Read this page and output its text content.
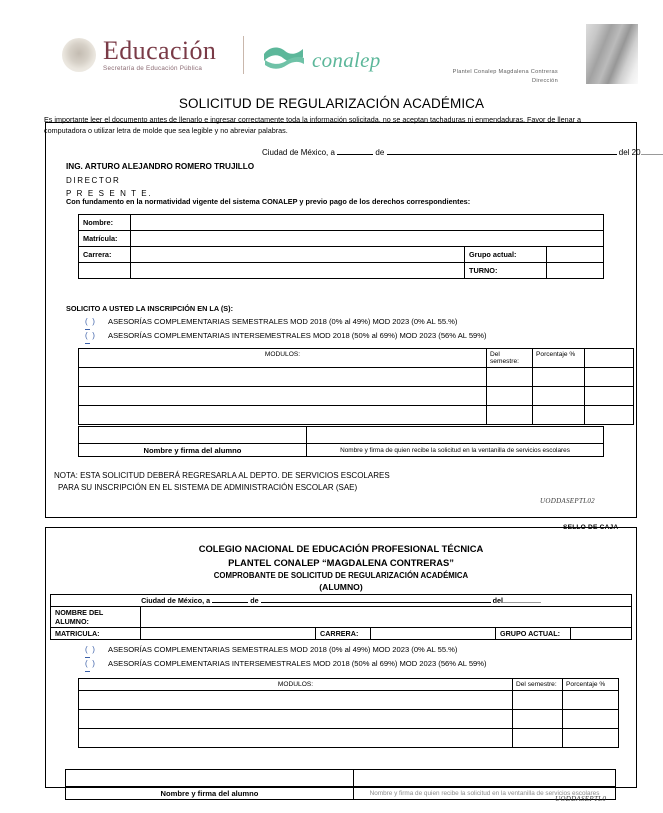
Educación
Secretaría de Educación Pública	conalep	Plantel Conalep Magdalena Contreras
Dirección
SOLICITUD DE REGULARIZACIÓN ACADÉMICA
Es importante leer el documento antes de llenarlo e ingresar correctamente toda la información solicitada, no se aceptan tachaduras ni enmendaduras. Favor de llenar a computadora o utilizar letra de molde que sea legible y no abreviar palabras.
Ciudad de México, a	de	del 20
ING. ARTURO ALEJANDRO ROMERO TRUJILLO
DIRECTOR
P R E S E N T E.
Con fundamento en la normatividad vigente del sistema CONALEP y previo pago de los derechos correspondientes:
Nombre:			
Matrícula:			
Carrera:		Grupo actual:	
		TURNO:	
SOLICITO A USTED LA INSCRIPCIÓN EN LA (S):
( ) ASESORÍAS COMPLEMENTARIAS SEMESTRALES MOD 2018 (0% al 49%) MOD 2023 (0% AL 55.%)
( ) ASESORÍAS COMPLEMENTARIAS INTERSEMESTRALES MOD 2018 (50% al 69%) MOD 2023 (56% AL 59%)
MODULOS:	Del semestre:	Porcentaje %	

Nombre y firma del alumno	Nombre y firma de quien recibe la solicitud en la ventanilla de servicios escolares
NOTA: ESTA SOLICITUD DEBERÁ REGRESARLA AL DEPTO. DE SERVICIOS ESCOLARES
PARA SU INSCRIPCIÓN EN EL SISTEMA DE ADMINISTRACIÓN ESCOLAR (SAE)
UODDASEPTL02
SELLO DE CAJA
COLEGIO NACIONAL DE EDUCACIÓN PROFESIONAL TÉCNICA
PLANTEL CONALEP “MAGDALENA CONTRERAS”
COMPROBANTE DE SOLICITUD DE REGULARIZACIÓN ACADÉMICA
(ALUMNO)
Ciudad de México, a de del					
NOMBRE DEL ALUMNO:					
MATRICULA:		CARRERA:		GRUPO ACTUAL:	
( ) ASESORÍAS COMPLEMENTARIAS SEMESTRALES MOD 2018 (0% al 49%) MOD 2023 (0% AL 55.%)
( ) ASESORÍAS COMPLEMENTARIAS INTERSEMESTRALES MOD 2018 (50% al 69%) MOD 2023 (56% AL 59%)
MODULOS:	Del semestre:	Porcentaje %

Nombre y firma del alumno	Nombre y firma de quien recibe la solicitud en la ventanilla de servicios escolares
UODDASEPTL0
